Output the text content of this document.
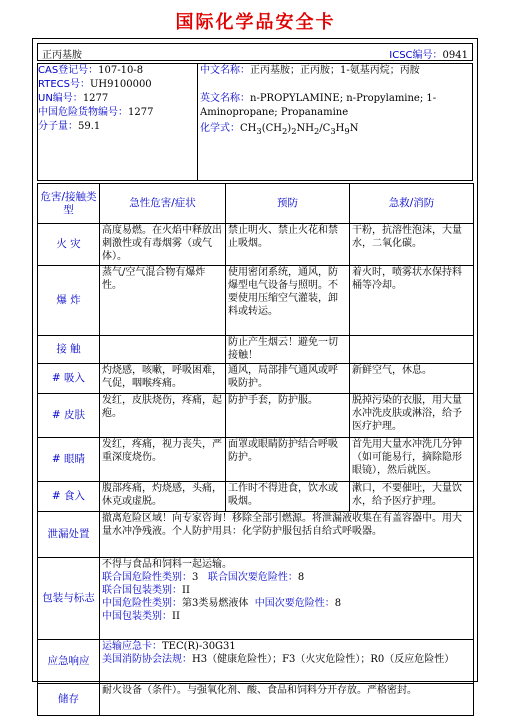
国际化学品安全卡
正丙基胺	ICSC编号：0941
CAS登记号：107-10-8
RTECS号：UH9100000
UN编号：1277
中国危险货物编号：1277
分子量：59.1
中文名称：正丙基胺；正丙胺；1-氨基丙烷；丙胺
英文名称：n-PROPYLAMINE; n-Propylamine; 1-Aminopropane; Propanamine
化学式：$CH_3(CH_2)_2NH_2/C_3H_9N$
危害/接触类型	急性危害/症状	预防	急救/消防
火 灾	高度易燃。在火焰中释放出刺激性或有毒烟雾（或气体）。	禁止明火、禁止火花和禁止吸烟。	干粉，抗溶性泡沫，大量水，二氧化碳。
爆 炸	蒸气/空气混合物有爆炸性。	使用密闭系统，通风，防爆型电气设备与照明。不要使用压缩空气灌装，卸料或转运。	着火时，喷雾状水保持料桶等冷却。
接 触		防止产生烟云！避免一切接触！	
# 吸入	灼烧感，咳嗽，呼吸困难，气促，咽喉疼痛。	通风，局部排气通风或呼吸防护。	新鲜空气，休息。
# 皮肤	发红，皮肤烧伤，疼痛，起疱。	防护手套，防护服。	脱掉污染的衣服，用大量水冲洗皮肤或淋浴，给予医疗护理。
# 眼睛	发红，疼痛，视力丧失，严重深度烧伤。	面罩或眼睛防护结合呼吸防护。	首先用大量水冲洗几分钟（如可能易行，摘除隐形眼镜），然后就医。
# 食入	腹部疼痛，灼烧感，头痛，休克或虚脱。	工作时不得进食，饮水或吸烟。	漱口，不要催吐，大量饮水，给予医疗护理。
泄漏处置	撤离危险区域！向专家咨询！移除全部引燃源。将泄漏液收集在有盖容器中。用大量水冲净残液。个人防护用具：化学防护服包括自给式呼吸器。		
包装与标志	不得与食品和饲料一起运输。
联合国危险性类别：3 联合国次要危险性：8
联合国包装类别：II
中国危险性类别：第3类易燃液体 中国次要危险性：8
中国包装类别：II		

应急响应	运输应急卡：TEC(R)-30G31
美国消防协会法规：H3（健康危险性）；F3（火灾危险性）；R0（反应危险性）		

储存	耐火设备（条件）。与强氧化剂、酸、食品和饲料分开存放。严格密封。		
